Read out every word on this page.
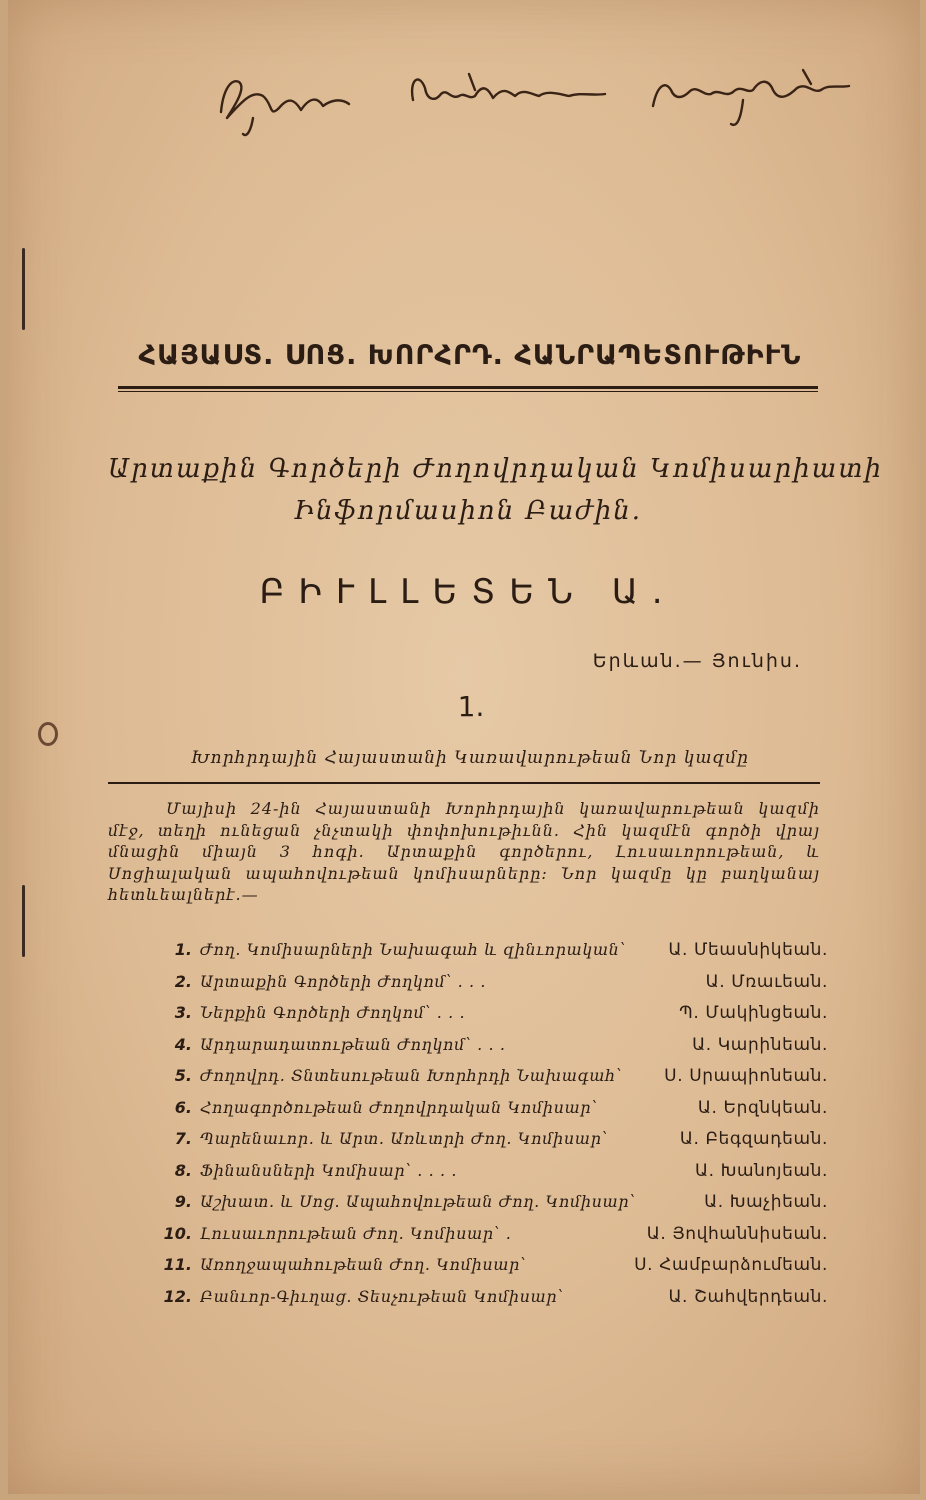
ՀԱՅԱՍՏ. ՍՈՑ. ԽՈՐՀՐԴ. ՀԱՆՐԱՊԵՏՈՒԹԻՒՆ
Արտաքին Գործերի Ժողովրդական Կոմիսարիատի
Ինֆորմասիոն Բաժին.
ԲԻՒԼԼԵՏԵՆ Ա.
Երևան.— Յունիս.
1.
Խորհրդային Հայաստանի Կառավարութեան Նոր կազմը
Մայիսի 24-ին Հայաստանի Խորհրդային կառավարութեան կազմի մէջ, տեղի ունեցան չնչտակի փոփոխութիւնն. Հին կազմէն գործի վրայ մնացին միայն 3 հոգի. Արտաքին գործերու, Լուսաւորութեան, և Սոցիալական ապահովութեան կոմիսարները։ Նոր կազմը կը բաղկանայ հետևեալներէ.—
1. Ժող. Կոմիսարների Նախագահ և զինւորական՝	Ա. Մեասնիկեան.
2. Արտաքին Գործերի Ժողկոմ՝ . . .	Ա. Մռաւեան.
3. Ներքին Գործերի Ժողկոմ՝ . . .	Պ. Մակինցեան.
4. Արդարադատութեան Ժողկոմ՝ . . .	Ա. Կարինեան.
5. Ժողովրդ. Տնտեսութեան Խորհրդի Նախագահ՝	Ս. Սրապիոնեան.
6. Հողագործութեան Ժողովրդական Կոմիսար՝	Ա. Երզնկեան.
7. Պարենաւոր. և Արտ. Առևտրի Ժող. Կոմիսար՝	Ա. Բեգզադեան.
8. Ֆինանսների Կոմիսար՝ . . . .	Ա. Խանոյեան.
9. Աշխատ. և Սոց. Ապահովութեան Ժող. Կոմիսար՝	Ա. Խաչիեան.
10. Լուսաւորութեան Ժող. Կոմիսար՝ .	Ա. Յովհաննիսեան.
11. Առողջապահութեան Ժող. Կոմիսար՝	Ս. Համբարձումեան.
12. Բանւոր-Գիւղաց. Տեսչութեան Կոմիսար՝	Ա. Շահվերդեան.
